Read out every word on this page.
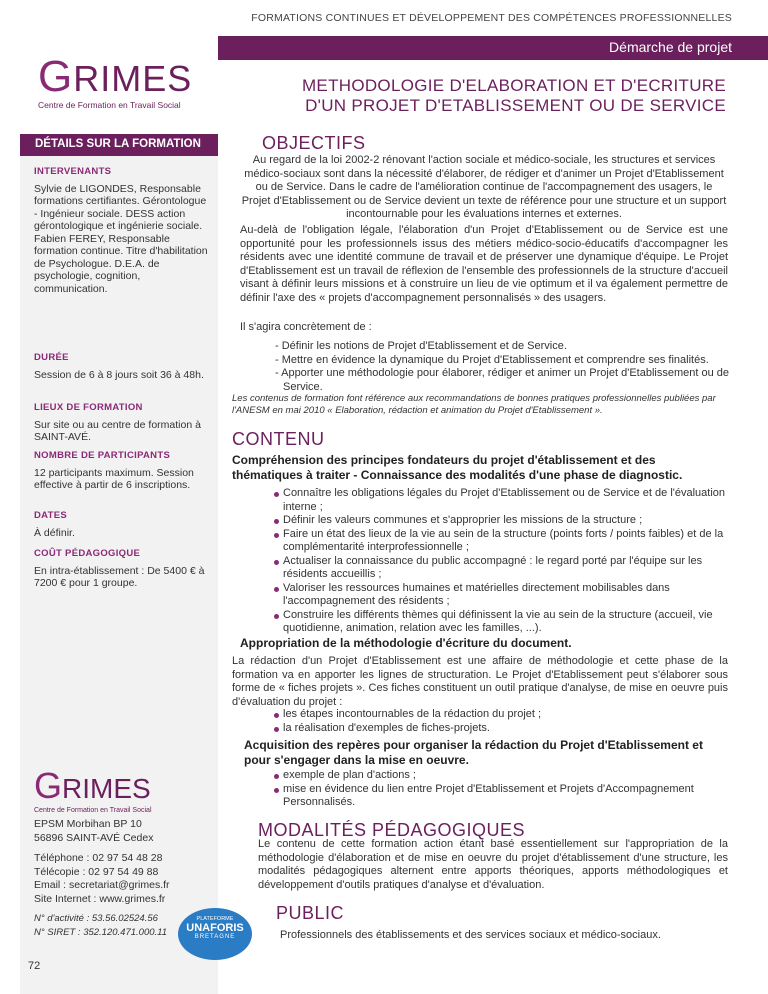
FORMATIONS CONTINUES ET DÉVELOPPEMENT DES COMPÉTENCES PROFESSIONNELLES
Démarche de projet
GRIMES
Centre de Formation en Travail Social
METHODOLOGIE D'ELABORATION ET D'ECRITURE
D'UN PROJET D'ETABLISSEMENT OU DE SERVICE
DÉTAILS SUR LA FORMATION
INTERVENANTS
Sylvie de LIGONDES, Responsable formations certifiantes. Gérontologue - Ingénieur sociale. DESS action gérontologique et ingénierie sociale.
Fabien FEREY, Responsable formation continue. Titre d'habilitation de Psychologue. D.E.A. de psychologie, cognition, communication.
DURÉE
Session de 6 à 8 jours soit 36 à 48h.
LIEUX DE FORMATION
Sur site ou au centre de formation à SAINT-AVÉ.
NOMBRE DE PARTICIPANTS
12 participants maximum. Session effective à partir de 6 inscriptions.
DATES
À définir.
COÛT PÉDAGOGIQUE
En intra-établissement : De 5400 € à 7200 € pour 1 groupe.
GRIMES
Centre de Formation en Travail Social
EPSM Morbihan BP 10
56896 SAINT-AVÉ Cedex
Téléphone : 02 97 54 48 28
Télécopie : 02 97 54 49 88
Email : secretariat@grimes.fr
Site Internet : www.grimes.fr
N° d'activité : 53.56.02524.56
N° SIRET : 352.120.471.000.11
PLATEFORME
UNAFORIS
BRETAGNE
72
OBJECTIFS
Au regard de la loi 2002-2 rénovant l'action sociale et médico-sociale, les structures et services médico-sociaux sont dans la nécessité d'élaborer, de rédiger et d'animer un Projet d'Etablissement ou de Service. Dans le cadre de l'amélioration continue de l'accompagnement des usagers, le Projet d'Etablissement ou de Service devient un texte de référence pour une structure et un support incontournable pour les évaluations internes et externes.
Au-delà de l'obligation légale, l'élaboration d'un Projet d'Etablissement ou de Service est une opportunité pour les professionnels issus des métiers médico-socio-éducatifs d'accompagner les résidents avec une identité commune de travail et de préserver une dynamique d'équipe. Le Projet d'Etablissement est un travail de réflexion de l'ensemble des professionnels de la structure d'accueil visant à définir leurs missions et à construire un lieu de vie optimum et il va également permettre de définir l'axe des « projets d'accompagnement personnalisés » des usagers.
Il s'agira concrètement de :
- Définir les notions de Projet d'Etablissement et de Service.
- Mettre en évidence la dynamique du Projet d'Etablissement et comprendre ses finalités.
- Apporter une méthodologie pour élaborer, rédiger et animer un Projet d'Etablissement ou de Service.
Les contenus de formation font référence aux recommandations de bonnes pratiques professionnelles publiées par l'ANESM en mai 2010 « Elaboration, rédaction et animation du Projet d'Etablissement ».
CONTENU
Compréhension des principes fondateurs du projet d'établissement et des thématiques à traiter - Connaissance des modalités d'une phase de diagnostic.
Connaître les obligations légales du Projet d'Etablissement ou de Service et de l'évaluation interne ;
Définir les valeurs communes et s'approprier les missions de la structure ;
Faire un état des lieux de la vie au sein de la structure (points forts / points faibles) et de la complémentarité interprofessionnelle ;
Actualiser la connaissance du public accompagné : le regard porté par l'équipe sur les résidents accueillis ;
Valoriser les ressources humaines et matérielles directement mobilisables dans l'accompagnement des résidents ;
Construire les différents thèmes qui définissent la vie au sein de la structure (accueil, vie quotidienne, animation, relation avec les familles, ...).
Appropriation de la méthodologie d'écriture du document.
La rédaction d'un Projet d'Etablissement est une affaire de méthodologie et cette phase de la formation va en apporter les lignes de structuration. Le Projet d'Etablissement peut s'élaborer sous forme de « fiches projets ». Ces fiches constituent un outil pratique d'analyse, de mise en oeuvre puis d'évaluation du projet :
les étapes incontournables de la rédaction du projet ;
la réalisation d'exemples de fiches-projets.
Acquisition des repères pour organiser la rédaction du Projet d'Etablissement et pour s'engager dans la mise en oeuvre.
exemple de plan d'actions ;
mise en évidence du lien entre Projet d'Etablissement et Projets d'Accompagnement Personnalisés.
MODALITÉS PÉDAGOGIQUES
Le contenu de cette formation action étant basé essentiellement sur l'appropriation de la méthodologie d'élaboration et de mise en oeuvre du projet d'établissement d'une structure, les modalités pédagogiques alternent entre apports théoriques, apports méthodologiques et développement d'outils pratiques d'analyse et d'évaluation.
PUBLIC
Professionnels des établissements et des services sociaux et médico-sociaux.
